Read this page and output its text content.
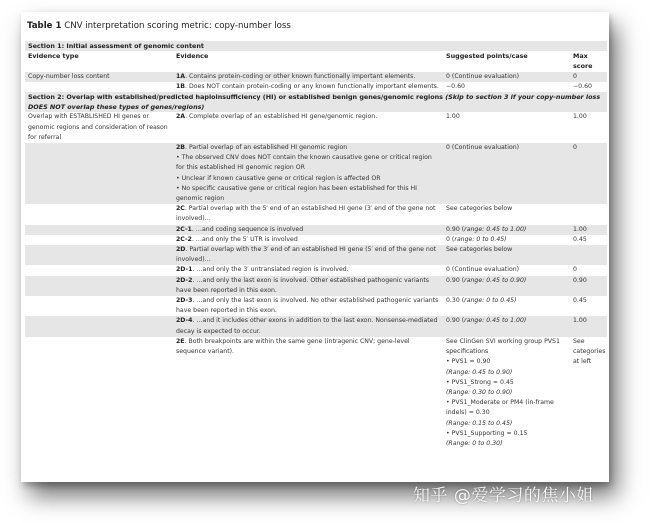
Table 1 CNV interpretation scoring metric: copy-number loss
Section 1: Initial assessment of genomic content			
Evidence type	Evidence	Suggested points/case	Max score
Copy-number loss content	1A. Contains protein-coding or other known functionally important elements.	0 (Continue evaluation)	0
	1B. Does NOT contain protein-coding or any known functionally important elements.	−0.60	−0.60
Section 2: Overlap with established/predicted haploinsufficiency (HI) or established benign genes/genomic regions (Skip to section 3 if your copy-number loss DOES NOT overlap these types of genes/regions)			
Overlap with ESTABLISHED HI genes or genomic regions and consideration of reason for referral	2A. Complete overlap of an established HI gene/genomic region.	1.00	1.00
	2B. Partial overlap of an established HI genomic region
• The observed CNV does NOT contain the known causative gene or critical region for this established HI genomic region OR
• Unclear if known causative gene or critical region is affected OR
• No specific causative gene or critical region has been established for this HI genomic region	0 (Continue evaluation)	0
	2C. Partial overlap with the 5′ end of an established HI gene (3′ end of the gene not involved)…	See categories below	
	2C-1. …and coding sequence is involved	0.90 (range: 0.45 to 1.00)	1.00
	2C-2. …and only the 5′ UTR is involved	0 (range: 0 to 0.45)	0.45
	2D. Partial overlap with the 3′ end of an established HI gene (5′ end of the gene not involved)…	See categories below	
	2D-1. …and only the 3′ untranslated region is involved.	0 (Continue evaluation)	0
	2D-2. …and only the last exon is involved. Other established pathogenic variants have been reported in this exon.	0.90 (range: 0.45 to 0.90)	0.90
	2D-3. …and only the last exon is involved. No other established pathogenic variants have been reported in this exon.	0.30 (range: 0 to 0.45)	0.45
	2D-4. …and it includes other exons in addition to the last exon. Nonsense-mediated decay is expected to occur.	0.90 (range: 0.45 to 1.00)	1.00
	2E. Both breakpoints are within the same gene (intragenic CNV; gene-level sequence variant).	See ClinGen SVI working group PVS1 specifications
• PVS1 = 0.90
(Range: 0.45 to 0.90)
• PVS1_Strong = 0.45
(Range: 0.30 to 0.90)
• PVS1_Moderate or PM4 (in-frame indels) = 0.30
(Range: 0.15 to 0.45)
• PVS1_Supporting = 0.15
(Range: 0 to 0.30)	See categories at left
知乎 @爱学习的焦小姐
